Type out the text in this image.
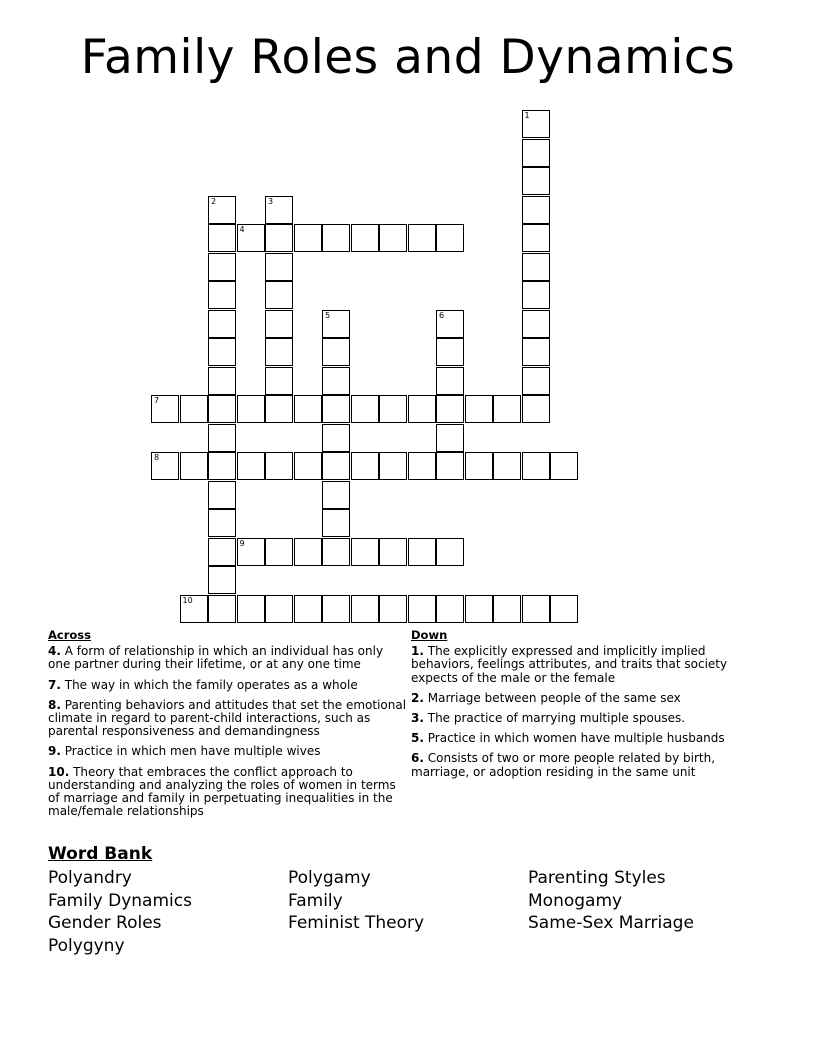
Family Roles and Dynamics
1
2	3
4
5	6
7
8
9
10
Across
4. A form of relationship in which an individual has only one partner during their lifetime, or at any one time
7. The way in which the family operates as a whole
8. Parenting behaviors and attitudes that set the emotional climate in regard to parent-child interactions, such as parental responsiveness and demandingness
9. Practice in which men have multiple wives
10. Theory that embraces the conflict approach to understanding and analyzing the roles of women in terms of marriage and family in perpetuating inequalities in the male/female relationships
Down
1. The explicitly expressed and implicitly implied behaviors, feelings attributes, and traits that society expects of the male or the female
2. Marriage between people of the same sex
3. The practice of marrying multiple spouses.
5. Practice in which women have multiple husbands
6. Consists of two or more people related by birth, marriage, or adoption residing in the same unit
Word Bank
Polyandry
Family Dynamics
Gender Roles
Polygyny
Polygamy
Family
Feminist Theory
Parenting Styles
Monogamy
Same-Sex Marriage
